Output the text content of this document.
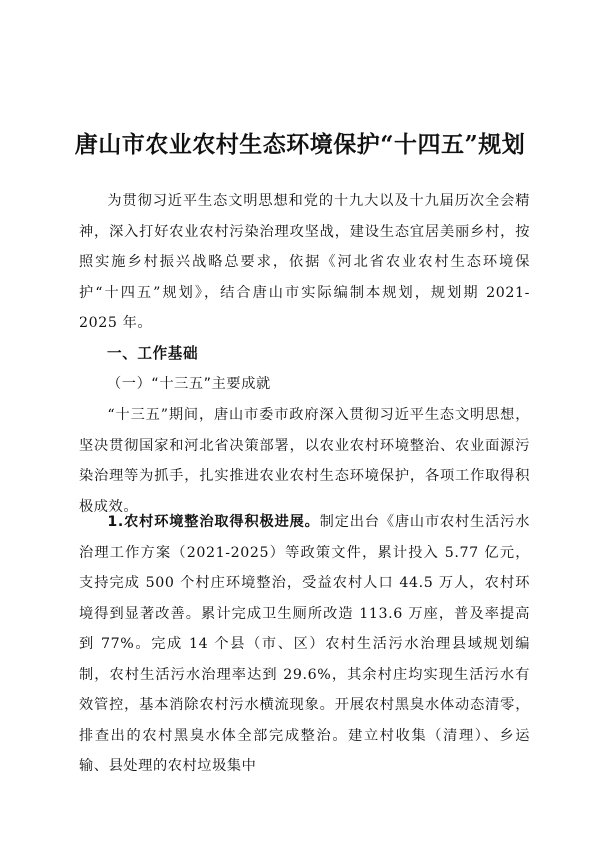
唐山市农业农村生态环境保护“十四五”规划
为贯彻习近平生态文明思想和党的十九大以及十九届历次全会精神，深入打好农业农村污染治理攻坚战，建设生态宜居美丽乡村，按照实施乡村振兴战略总要求，依据《河北省农业农村生态环境保护“十四五”规划》，结合唐山市实际编制本规划，规划期 2021-2025 年。
一、工作基础
（一）“十三五”主要成就
“十三五”期间，唐山市委市政府深入贯彻习近平生态文明思想，坚决贯彻国家和河北省决策部署，以农业农村环境整治、农业面源污染治理等为抓手，扎实推进农业农村生态环境保护，各项工作取得积极成效。
1.农村环境整治取得积极进展。制定出台《唐山市农村生活污水治理工作方案（2021-2025）等政策文件，累计投入 5.77 亿元，支持完成 500 个村庄环境整治，受益农村人口 44.5 万人，农村环境得到显著改善。累计完成卫生厕所改造 113.6 万座，普及率提高到 77%。完成 14 个县（市、区）农村生活污水治理县域规划编制，农村生活污水治理率达到 29.6%，其余村庄均实现生活污水有效管控，基本消除农村污水横流现象。开展农村黑臭水体动态清零，排查出的农村黑臭水体全部完成整治。建立村收集（清理）、乡运输、县处理的农村垃圾集中
